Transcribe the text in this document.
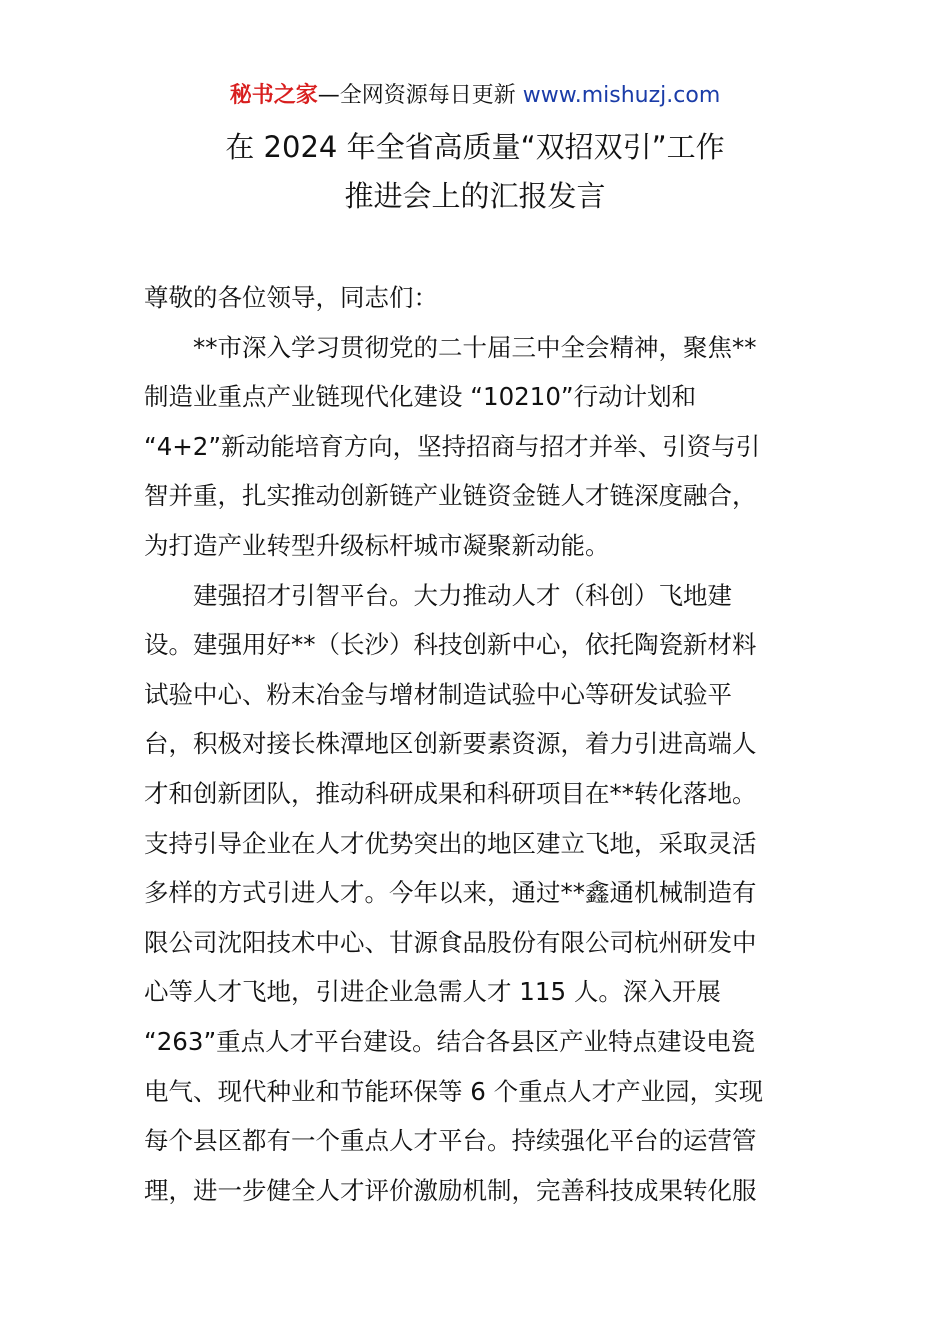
秘书之家—全网资源每日更新 www.mishuzj.com
在 2024 年全省高质量“双招双引”工作
推进会上的汇报发言
尊敬的各位领导，同志们：
　　**市深入学习贯彻党的二十届三中全会精神，聚焦**
制造业重点产业链现代化建设 “10210”行动计划和
“4+2”新动能培育方向，坚持招商与招才并举、引资与引
智并重，扎实推动创新链产业链资金链人才链深度融合，
为打造产业转型升级标杆城市凝聚新动能。
　　建强招才引智平台。大力推动人才（科创）飞地建
设。建强用好**（长沙）科技创新中心，依托陶瓷新材料
试验中心、粉末冶金与增材制造试验中心等研发试验平
台，积极对接长株潭地区创新要素资源，着力引进高端人
才和创新团队，推动科研成果和科研项目在**转化落地。
支持引导企业在人才优势突出的地区建立飞地，采取灵活
多样的方式引进人才。今年以来，通过**鑫通机械制造有
限公司沈阳技术中心、甘源食品股份有限公司杭州研发中
心等人才飞地，引进企业急需人才 115 人。深入开展
“263”重点人才平台建设。结合各县区产业特点建设电瓷
电气、现代种业和节能环保等 6 个重点人才产业园，实现
每个县区都有一个重点人才平台。持续强化平台的运营管
理，进一步健全人才评价激励机制，完善科技成果转化服
